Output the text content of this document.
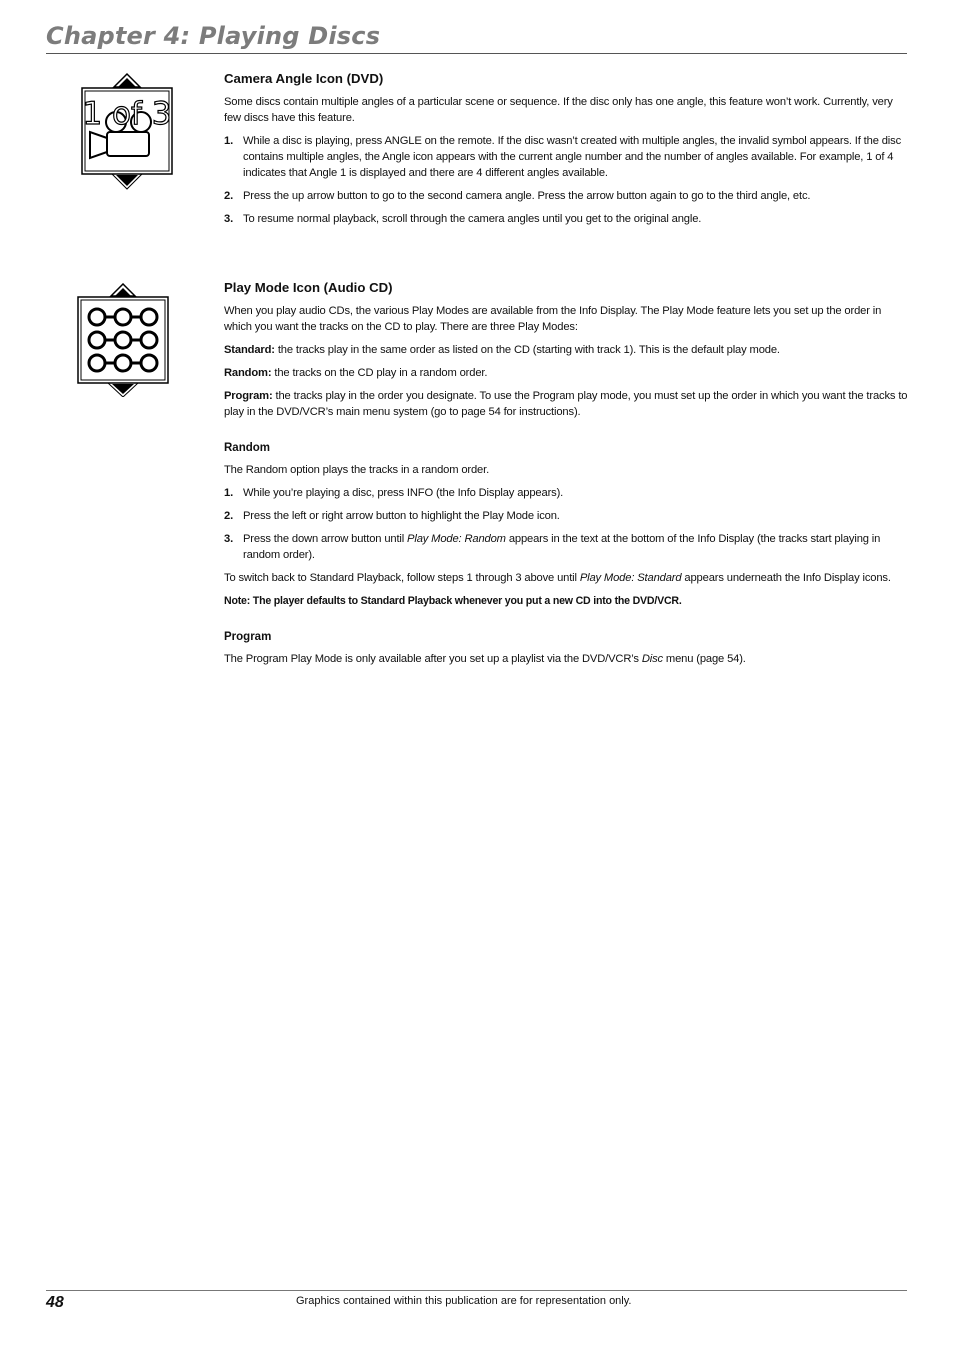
Chapter 4: Playing Discs
1 of 3
Camera Angle Icon (DVD)

Some discs contain multiple angles of a particular scene or sequence. If the disc only has one angle, this feature won’t work. Currently, very few discs have this feature.

1. While a disc is playing, press ANGLE on the remote. If the disc wasn’t created with multiple angles, the invalid symbol appears. If the disc contains multiple angles, the Angle icon appears with the current angle number and the number of angles available. For example, 1 of 4 indicates that Angle 1 is displayed and there are 4 different angles available.
2. Press the up arrow button to go to the second camera angle. Press the arrow button again to go to the third angle, etc.
3. To resume normal playback, scroll through the camera angles until you get to the original angle.
Play Mode Icon (Audio CD)

When you play audio CDs, the various Play Modes are available from the Info Display. The Play Mode feature lets you set up the order in which you want the tracks on the CD to play. There are three Play Modes:

Standard: the tracks play in the same order as listed on the CD (starting with track 1). This is the default play mode.

Random: the tracks on the CD play in a random order.

Program: the tracks play in the order you designate. To use the Program play mode, you must set up the order in which you want the tracks to play in the DVD/VCR’s main menu system (go to page 54 for instructions).

Random

The Random option plays the tracks in a random order.

1. While you’re playing a disc, press INFO (the Info Display appears).
2. Press the left or right arrow button to highlight the Play Mode icon.
3. Press the down arrow button until Play Mode: Random appears in the text at the bottom of the Info Display (the tracks start playing in random order).

To switch back to Standard Playback, follow steps 1 through 3 above until Play Mode: Standard appears underneath the Info Display icons.

Note: The player defaults to Standard Playback whenever you put a new CD into the DVD/VCR.

Program

The Program Play Mode is only available after you set up a playlist via the DVD/VCR’s Disc menu (page 54).

48	Graphics contained within this publication are for representation only.
